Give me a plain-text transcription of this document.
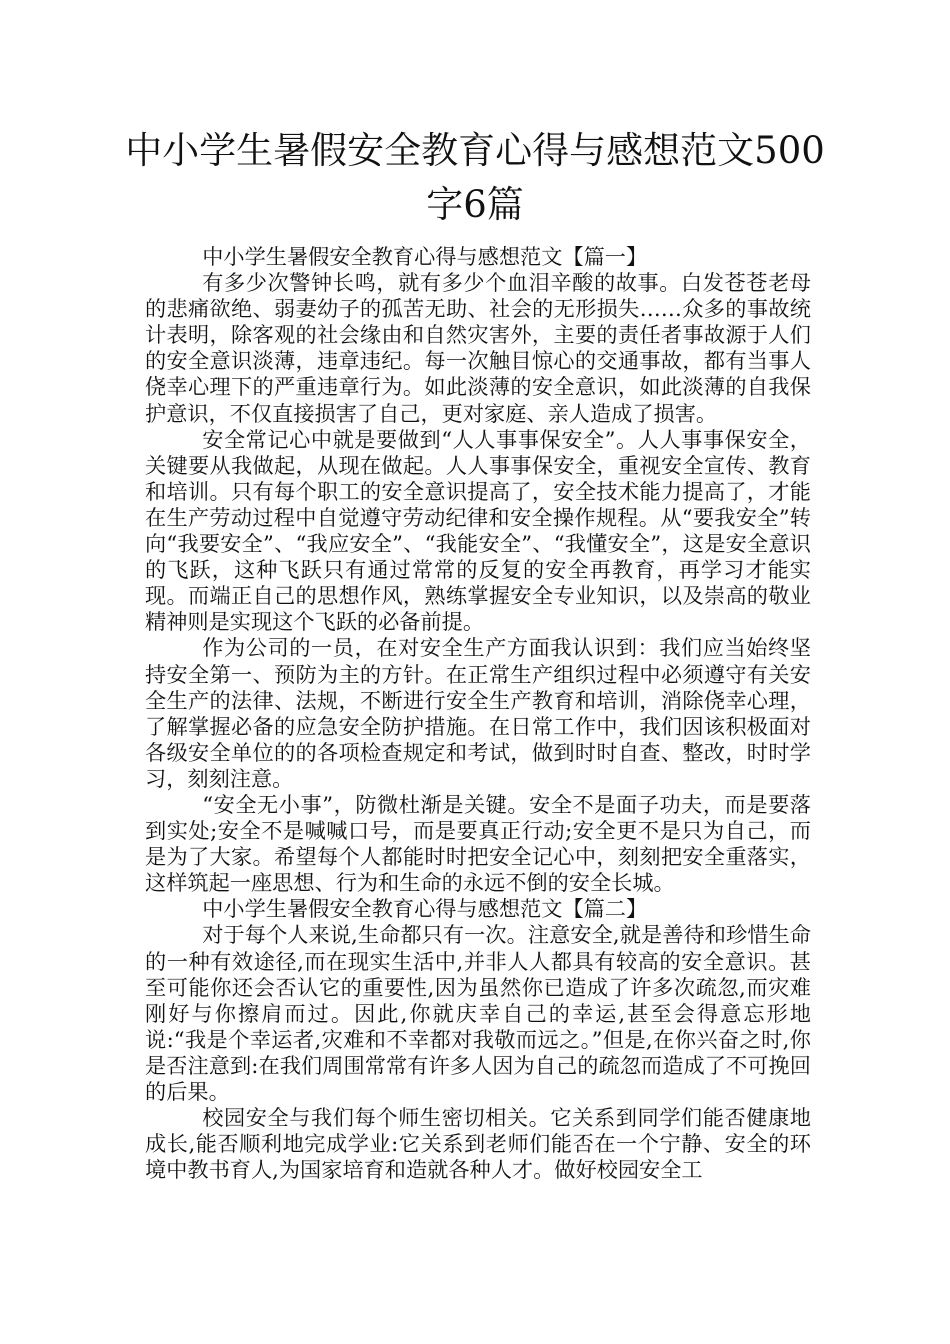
中小学生暑假安全教育心得与感想范文500
字6篇

中小学生暑假安全教育心得与感想范文【篇一】

有多少次警钟长鸣，就有多少个血泪辛酸的故事。白发苍苍老母的悲痛欲绝、弱妻幼子的孤苦无助、社会的无形损失……众多的事故统计表明，除客观的社会缘由和自然灾害外，主要的责任者事故源于人们的安全意识淡薄，违章违纪。每一次触目惊心的交通事故，都有当事人侥幸心理下的严重违章行为。如此淡薄的安全意识，如此淡薄的自我保护意识，不仅直接损害了自己，更对家庭、亲人造成了损害。

安全常记心中就是要做到“人人事事保安全”。人人事事保安全，关键要从我做起，从现在做起。人人事事保安全，重视安全宣传、教育和培训。只有每个职工的安全意识提高了，安全技术能力提高了，才能在生产劳动过程中自觉遵守劳动纪律和安全操作规程。从“要我安全”转向“我要安全”、“我应安全”、“我能安全”、“我懂安全”，这是安全意识的飞跃，这种飞跃只有通过常常的反复的安全再教育，再学习才能实现。而端正自己的思想作风，熟练掌握安全专业知识，以及崇高的敬业精神则是实现这个飞跃的必备前提。

作为公司的一员，在对安全生产方面我认识到：我们应当始终坚持安全第一、预防为主的方针。在正常生产组织过程中必须遵守有关安全生产的法律、法规，不断进行安全生产教育和培训，消除侥幸心理，了解掌握必备的应急安全防护措施。在日常工作中，我们因该积极面对各级安全单位的的各项检查规定和考试，做到时时自查、整改，时时学习，刻刻注意。

“安全无小事”，防微杜渐是关键。安全不是面子功夫，而是要落到实处;安全不是喊喊口号，而是要真正行动;安全更不是只为自己，而是为了大家。希望每个人都能时时把安全记心中，刻刻把安全重落实，这样筑起一座思想、行为和生命的永远不倒的安全长城。

中小学生暑假安全教育心得与感想范文【篇二】

对于每个人来说,生命都只有一次。注意安全,就是善待和珍惜生命的一种有效途径,而在现实生活中,并非人人都具有较高的安全意识。甚至可能你还会否认它的重要性,因为虽然你已造成了许多次疏忽,而灾难刚好与你擦肩而过。因此,你就庆幸自己的幸运,甚至会得意忘形地说:“我是个幸运者,灾难和不幸都对我敬而远之。”但是,在你兴奋之时,你是否注意到:在我们周围常常有许多人因为自己的疏忽而造成了不可挽回的后果。

校园安全与我们每个师生密切相关。它关系到同学们能否健康地成长,能否顺利地完成学业:它关系到老师们能否在一个宁静、安全的环境中教书育人,为国家培育和造就各种人才。做好校园安全工
